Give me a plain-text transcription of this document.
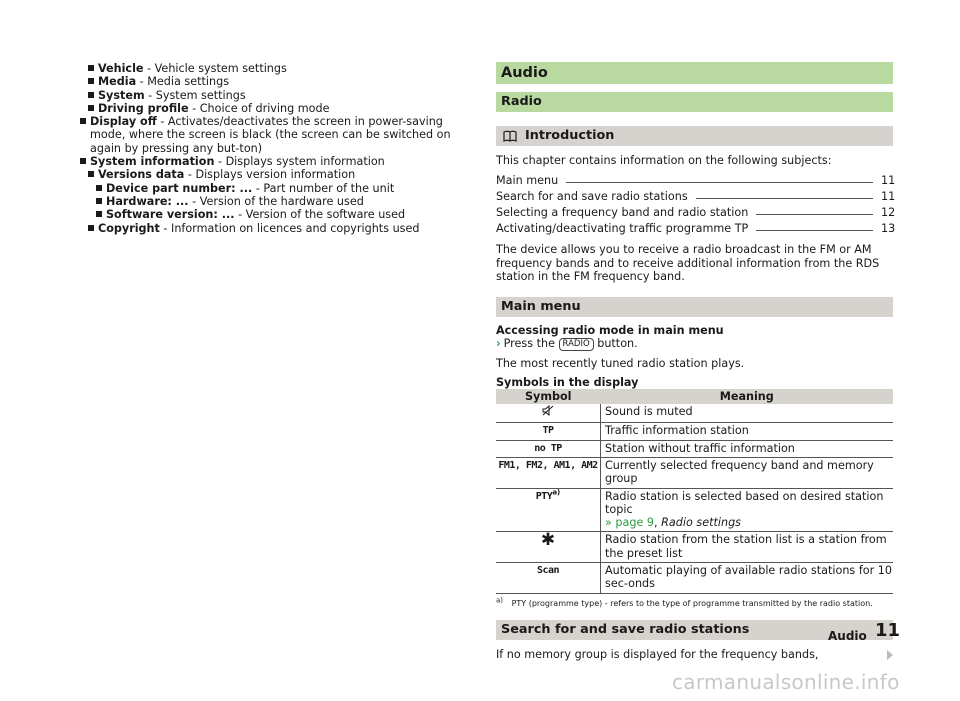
Vehicle - Vehicle system settings
Media - Media settings
System - System settings
Driving profile - Choice of driving mode
Display off - Activates/deactivates the screen in power-saving mode, where the screen is black (the screen can be switched on again by pressing any but-ton)
System information - Displays system information
Versions data - Displays version information
Device part number: ... - Part number of the unit
Hardware: ... - Version of the hardware used
Software version: ... - Version of the software used
Copyright - Information on licences and copyrights used
Audio
Radio
Introduction

This chapter contains information on the following subjects:

Main menu	11
Search for and save radio stations	11
Selecting a frequency band and radio station	12
Activating/deactivating traffic programme TP	13

The device allows you to receive a radio broadcast in the FM or AM frequency bands and to receive additional information from the RDS station in the FM frequency band.

Main menu

Accessing radio mode in main menu

› Press the RADIO button.

The most recently tuned radio station plays.

Symbols in the display

Symbol	Meaning
	Sound is muted
TP	Traffic information station
no TP	Station without traffic information
FM1, FM2, AM1, AM2	Currently selected frequency band and memory group
PTY$^{a)}$	Radio station is selected based on desired station topic
» page 9, Radio settings
✱	Radio station from the station list is a station from the preset list
Scan	Automatic playing of available radio stations for 10 sec-onds
$^{a)}$ PTY (programme type) - refers to the type of programme transmitted by the radio station.
Search for and save radio stations

If no memory group is displayed for the frequency bands,

Audio 11
carmanualsonline.info
